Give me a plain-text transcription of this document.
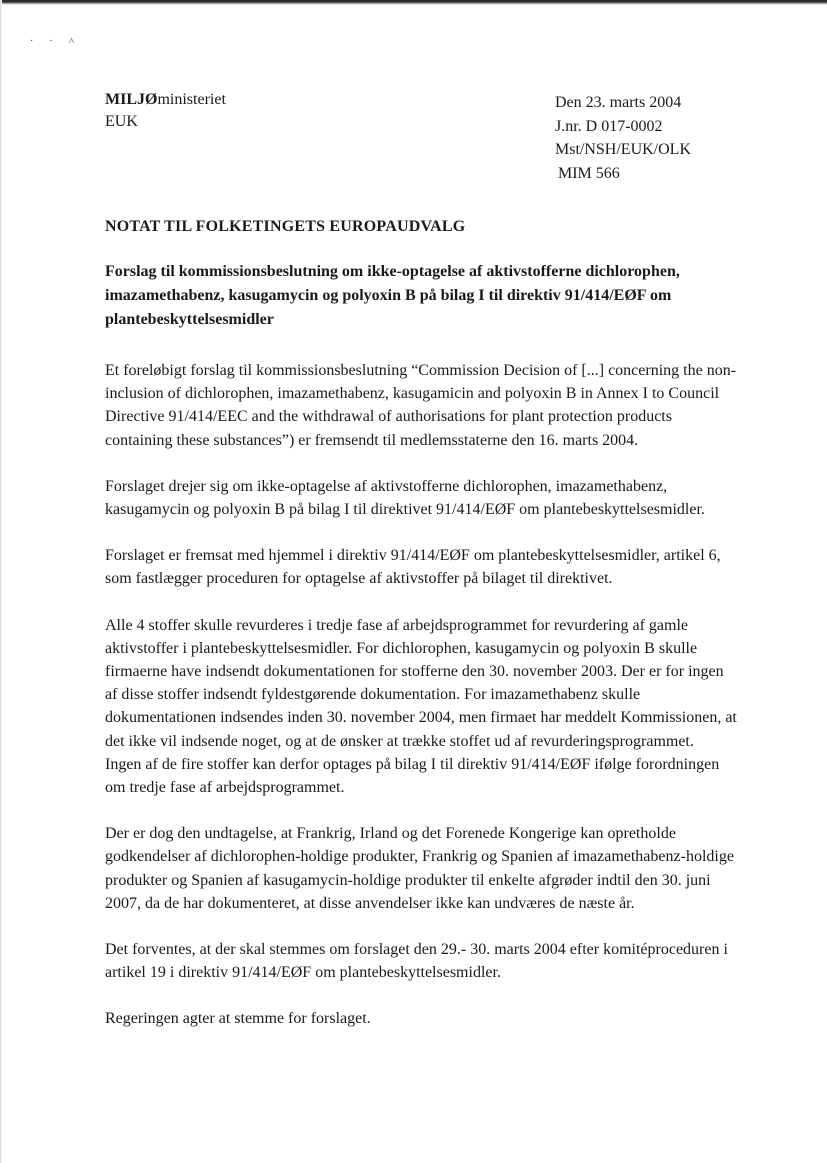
··˄
MILJØministeriet
EUK
Den 23. marts 2004
J.nr. D 017-0002
Mst/NSH/EUK/OLK
MIM 566
NOTAT TIL FOLKETINGETS EUROPAUDVALG
Forslag til kommissionsbeslutning om ikke-optagelse af aktivstofferne dichlorophen, imazamethabenz, kasugamycin og polyoxin B på bilag I til direktiv 91/414/EØF om plantebeskyttelsesmidler

Et foreløbigt forslag til kommissionsbeslutning “Commission Decision of [...] concerning the non-inclusion of dichlorophen, imazamethabenz, kasugamicin and polyoxin B in Annex I to Council Directive 91/414/EEC and the withdrawal of authorisations for plant protection products containing these substances”) er fremsendt til medlemsstaterne den 16. marts 2004.

Forslaget drejer sig om ikke-optagelse af aktivstofferne dichlorophen, imazamethabenz, kasugamycin og polyoxin B på bilag I til direktivet 91/414/EØF om plantebeskyttelsesmidler.

Forslaget er fremsat med hjemmel i direktiv 91/414/EØF om plantebeskyttelsesmidler, artikel 6, som fastlægger proceduren for optagelse af aktivstoffer på bilaget til direktivet.

Alle 4 stoffer skulle revurderes i tredje fase af arbejdsprogrammet for revurdering af gamle aktivstoffer i plantebeskyttelsesmidler. For dichlorophen, kasugamycin og polyoxin B skulle firmaerne have indsendt dokumentationen for stofferne den 30. november 2003. Der er for ingen af disse stoffer indsendt fyldestgørende dokumentation. For imazamethabenz skulle dokumentationen indsendes inden 30. november 2004, men firmaet har meddelt Kommissionen, at det ikke vil indsende noget, og at de ønsker at trække stoffet ud af revurderingsprogrammet.

Ingen af de fire stoffer kan derfor optages på bilag I til direktiv 91/414/EØF ifølge forordningen om tredje fase af arbejdsprogrammet.

Der er dog den undtagelse, at Frankrig, Irland og det Forenede Kongerige kan opretholde godkendelser af dichlorophen-holdige produkter, Frankrig og Spanien af imazamethabenz-holdige produkter og Spanien af kasugamycin-holdige produkter til enkelte afgrøder indtil den 30. juni 2007, da de har dokumenteret, at disse anvendelser ikke kan undværes de næste år.

Det forventes, at der skal stemmes om forslaget den 29.- 30. marts 2004 efter komitéproceduren i artikel 19 i direktiv 91/414/EØF om plantebeskyttelsesmidler.

Regeringen agter at stemme for forslaget.
